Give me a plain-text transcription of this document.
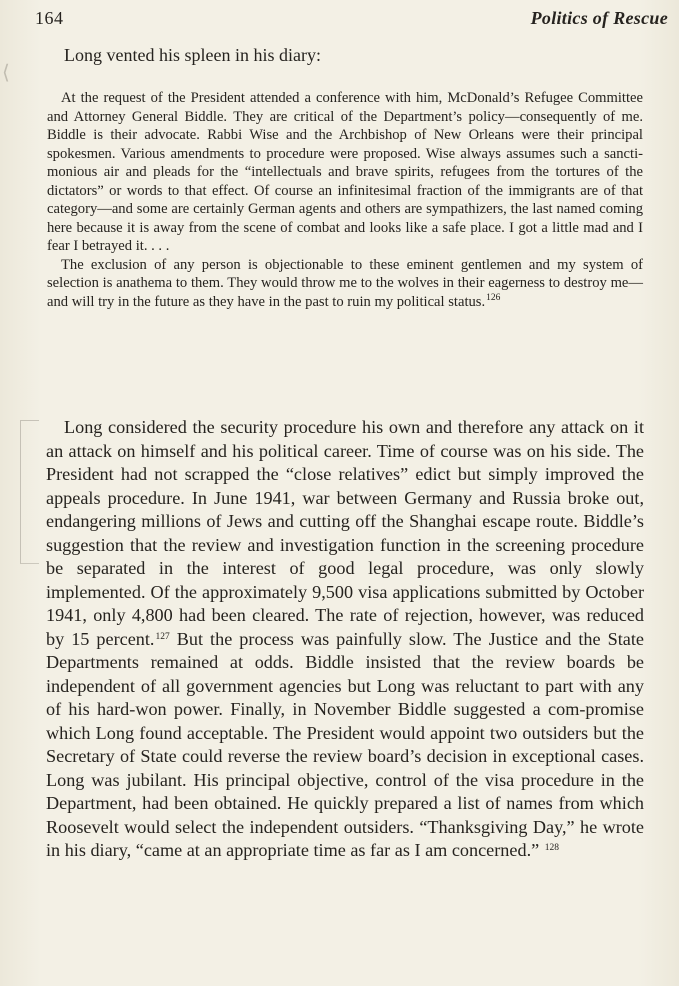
164	Politics of Rescue
⟨

Long vented his spleen in his diary:

At the request of the President attended a conference with him, McDonald’s Refugee Committee and Attorney General Biddle. They are critical of the Department’s policy—consequently of me. Biddle is their advocate. Rabbi Wise and the Archbishop of New Orleans were their principal spokesmen. Various amendments to procedure were proposed. Wise always assumes such a sancti-monious air and pleads for the “intellectuals and brave spirits, refugees from the tortures of the dictators” or words to that effect. Of course an infinitesimal fraction of the immigrants are of that category—and some are certainly German agents and others are sympathizers, the last named coming here because it is away from the scene of combat and looks like a safe place. I got a little mad and I fear I betrayed it. . . .

The exclusion of any person is objectionable to these eminent gentlemen and my system of selection is anathema to them. They would throw me to the wolves in their eagerness to destroy me—and will try in the future as they have in the past to ruin my political status.$^{126}$

Long considered the security procedure his own and therefore any attack on it an attack on himself and his political career. Time of course was on his side. The President had not scrapped the “close relatives” edict but simply improved the appeals procedure. In June 1941, war between Germany and Russia broke out, endangering millions of Jews and cutting off the Shanghai escape route. Biddle’s suggestion that the review and investigation function in the screening procedure be separated in the interest of good legal procedure, was only slowly implemented. Of the approximately 9,500 visa applications submitted by October 1941, only 4,800 had been cleared. The rate of rejection, however, was reduced by 15 percent.$^{127}$ But the process was painfully slow. The Justice and the State Departments remained at odds. Biddle insisted that the review boards be independent of all government agencies but Long was reluctant to part with any of his hard-won power. Finally, in November Biddle suggested a com-promise which Long found acceptable. The President would appoint two outsiders but the Secretary of State could reverse the review board’s decision in exceptional cases. Long was jubilant. His principal objective, control of the visa procedure in the Department, had been obtained. He quickly prepared a list of names from which Roosevelt would select the independent outsiders. “Thanksgiving Day,” he wrote in his diary, “came at an appropriate time as far as I am concerned.” $^{128}$
